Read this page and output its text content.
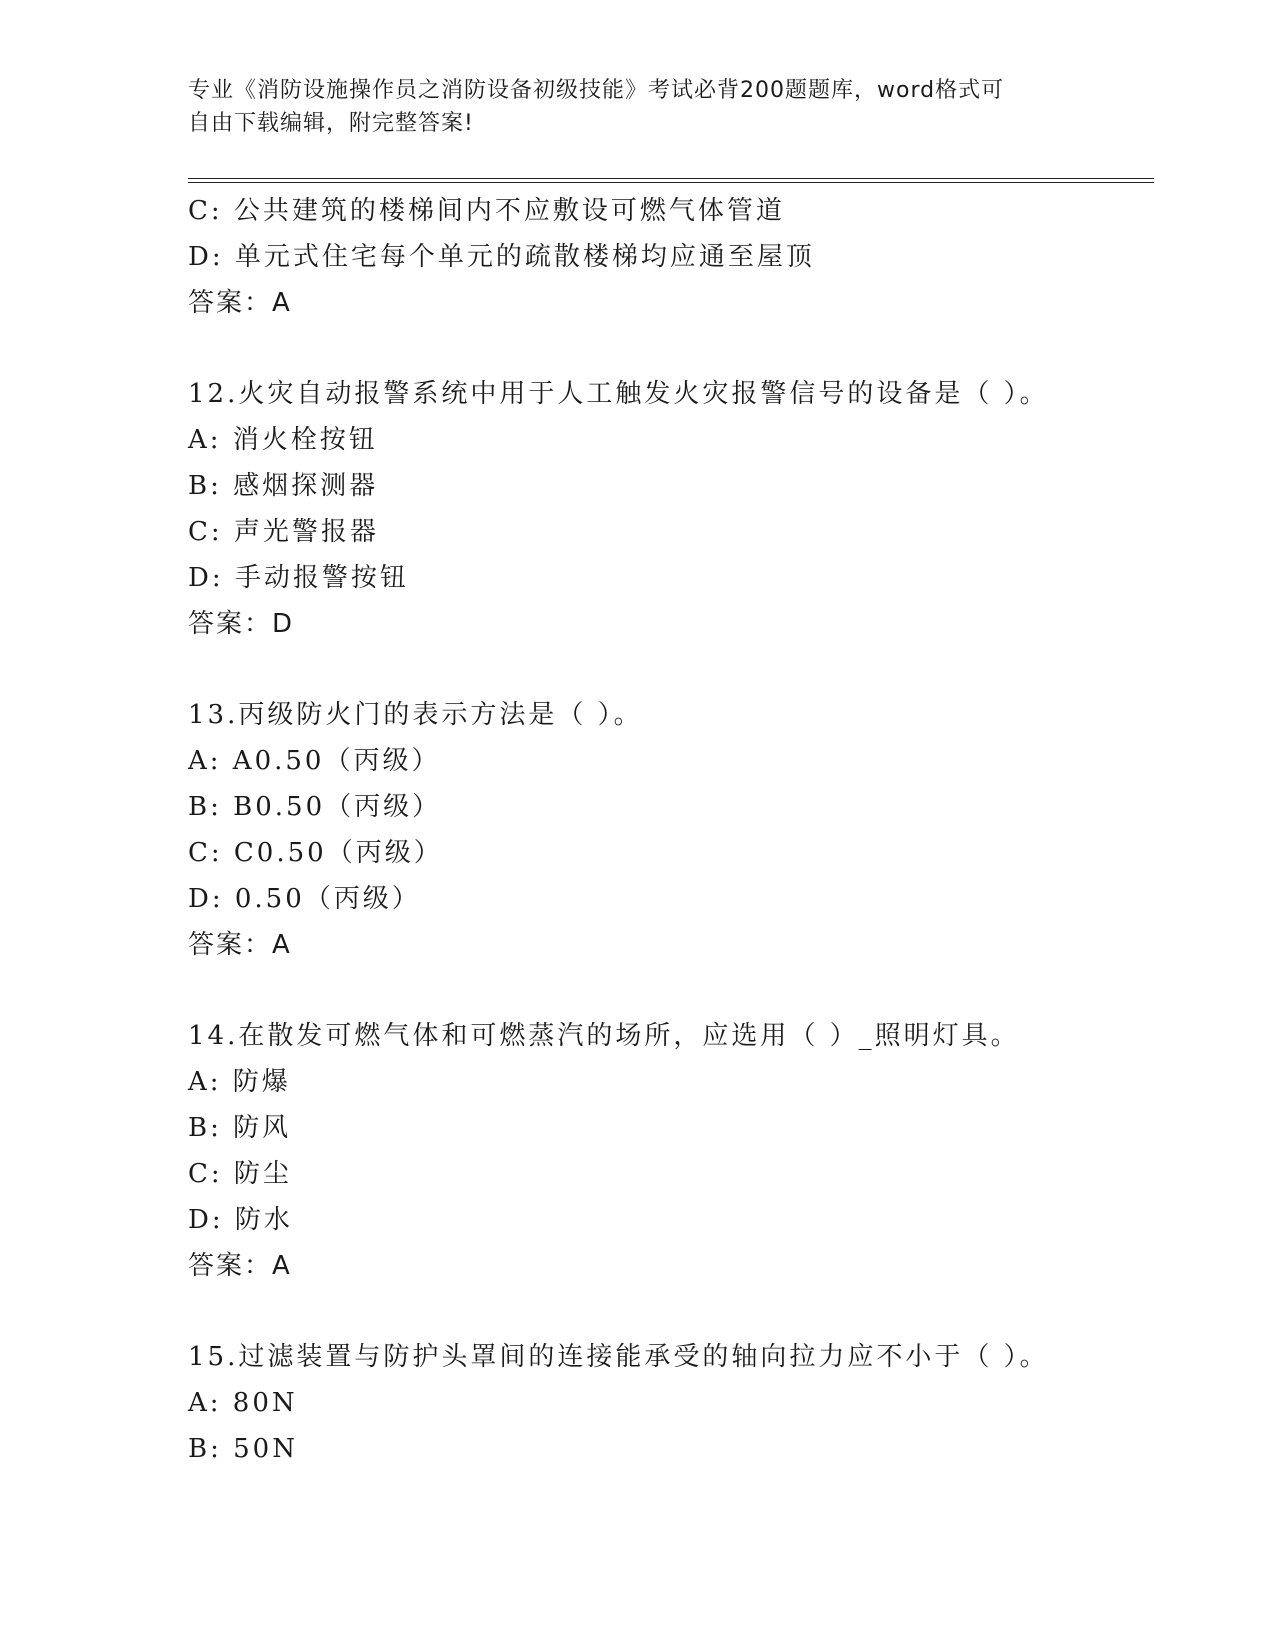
专业《消防设施操作员之消防设备初级技能》考试必背200题题库，word格式可
自由下载编辑，附完整答案!
C: 公共建筑的楼梯间内不应敷设可燃气体管道
D: 单元式住宅每个单元的疏散楼梯均应通至屋顶
答案：A
12.火灾自动报警系统中用于人工触发火灾报警信号的设备是（ ）。
A: 消火栓按钮
B: 感烟探测器
C: 声光警报器
D: 手动报警按钮
答案：D
13.丙级防火门的表示方法是（ ）。
A: A0.50（丙级）
B: B0.50（丙级）
C: C0.50（丙级）
D: 0.50（丙级）
答案：A
14.在散发可燃气体和可燃蒸汽的场所，应选用（ ）_照明灯具。
A: 防爆
B: 防风
C: 防尘
D: 防水
答案：A
15.过滤装置与防护头罩间的连接能承受的轴向拉力应不小于（ ）。
A: 80N
B: 50N
